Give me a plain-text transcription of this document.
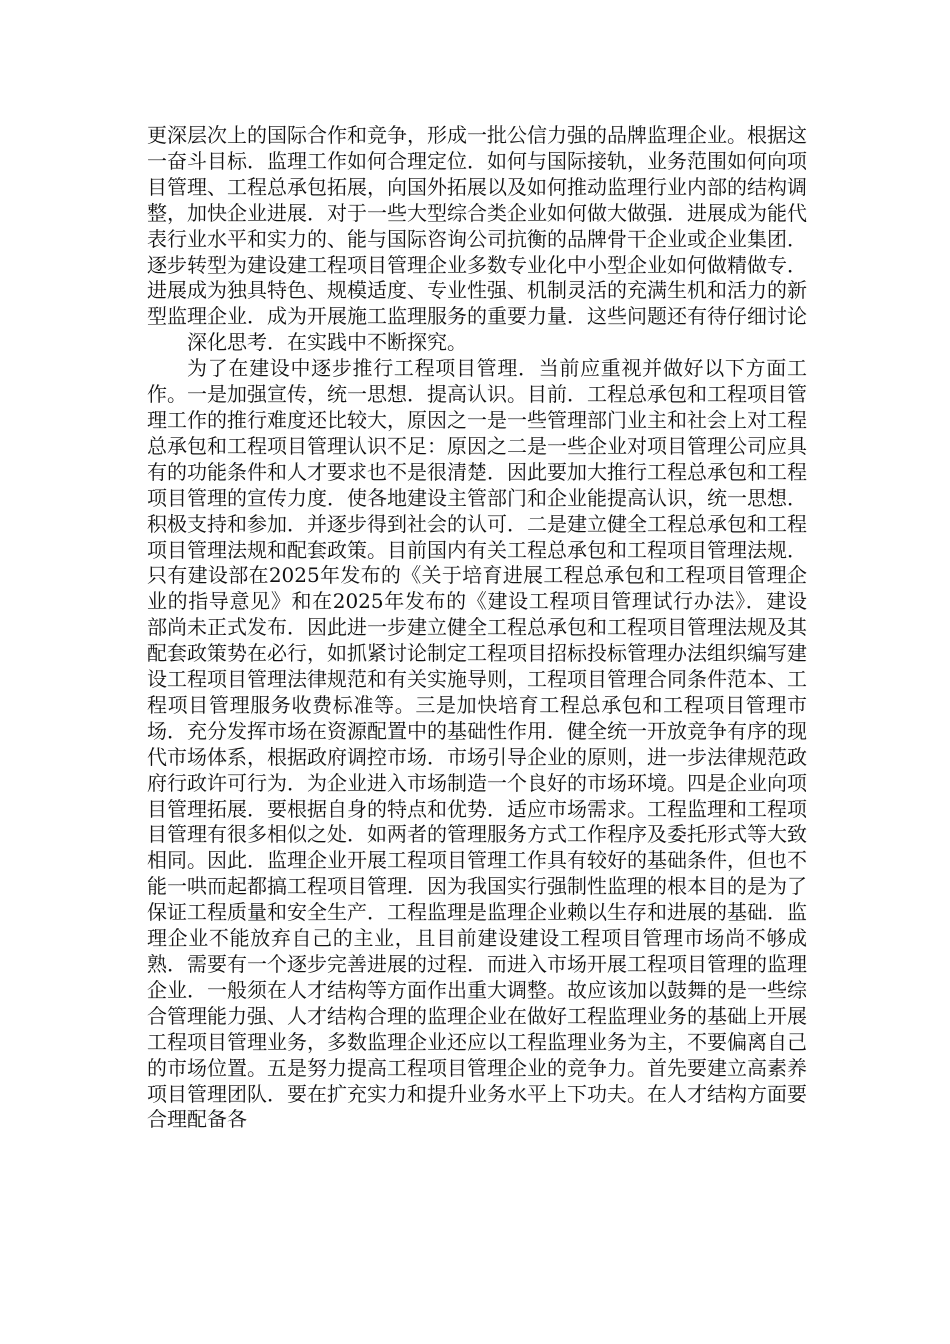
更深层次上的国际合作和竞争，形成一批公信力强的品牌监理企业。根据这一奋斗目标．监理工作如何合理定位．如何与国际接轨，业务范围如何向项目管理、工程总承包拓展，向国外拓展以及如何推动监理行业内部的结构调整，加快企业进展．对于一些大型综合类企业如何做大做强．进展成为能代表行业水平和实力的、能与国际咨询公司抗衡的品牌骨干企业或企业集团．逐步转型为建设建工程项目管理企业多数专业化中小型企业如何做精做专．进展成为独具特色、规模适度、专业性强、机制灵活的充满生机和活力的新型监理企业．成为开展施工监理服务的重要力量．这些问题还有待仔细讨论

深化思考．在实践中不断探究。

为了在建设中逐步推行工程项目管理．当前应重视并做好以下方面工作。一是加强宣传，统一思想．提高认识。目前．工程总承包和工程项目管理工作的推行难度还比较大，原因之一是一些管理部门业主和社会上对工程总承包和工程项目管理认识不足：原因之二是一些企业对项目管理公司应具有的功能条件和人才要求也不是很清楚．因此要加大推行工程总承包和工程项目管理的宣传力度．使各地建设主管部门和企业能提高认识，统一思想．积极支持和参加．并逐步得到社会的认可．二是建立健全工程总承包和工程项目管理法规和配套政策。目前国内有关工程总承包和工程项目管理法规．只有建设部在2025年发布的《关于培育进展工程总承包和工程项目管理企业的指导意见》和在2025年发布的《建设工程项目管理试行办法》．建设部尚未正式发布．因此进一步建立健全工程总承包和工程项目管理法规及其配套政策势在必行，如抓紧讨论制定工程项目招标投标管理办法组织编写建设工程项目管理法律规范和有关实施导则，工程项目管理合同条件范本、工程项目管理服务收费标准等。三是加快培育工程总承包和工程项目管理市场．充分发挥市场在资源配置中的基础性作用．健全统一开放竞争有序的现代市场体系，根据政府调控市场．市场引导企业的原则，进一步法律规范政府行政许可行为．为企业进入市场制造一个良好的市场环境。四是企业向项目管理拓展．要根据自身的特点和优势．适应市场需求。工程监理和工程项目管理有很多相似之处．如两者的管理服务方式工作程序及委托形式等大致相同。因此．监理企业开展工程项目管理工作具有较好的基础条件，但也不能一哄而起都搞工程项目管理．因为我国实行强制性监理的根本目的是为了保证工程质量和安全生产．工程监理是监理企业赖以生存和进展的基础．监理企业不能放弃自己的主业，且目前建设建设工程项目管理市场尚不够成熟．需要有一个逐步完善进展的过程．而进入市场开展工程项目管理的监理企业．一般须在人才结构等方面作出重大调整。故应该加以鼓舞的是一些综合管理能力强、人才结构合理的监理企业在做好工程监理业务的基础上开展工程项目管理业务，多数监理企业还应以工程监理业务为主，不要偏离自己的市场位置。五是努力提高工程项目管理企业的竞争力。首先要建立高素养项目管理团队．要在扩充实力和提升业务水平上下功夫。在人才结构方面要合理配备各
